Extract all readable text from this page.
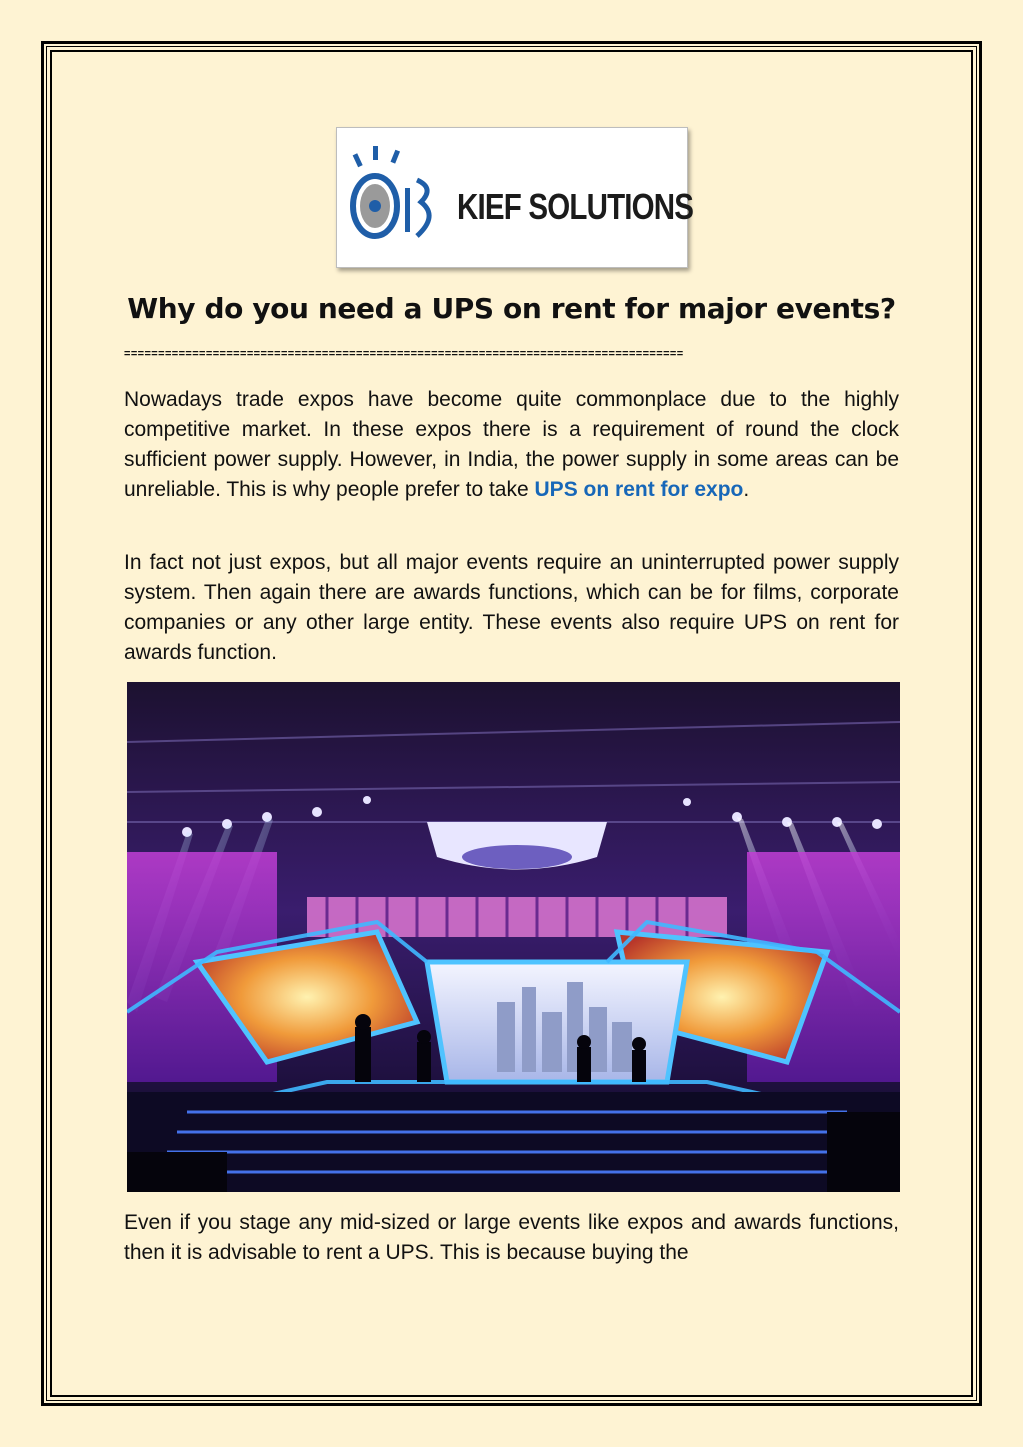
KIEF SOLUTIONS
Why do you need a UPS on rent for major events?
==================================================================================

Nowadays trade expos have become quite commonplace due to the highly competitive market. In these expos there is a requirement of round the clock sufficient power supply. However, in India, the power supply in some areas can be unreliable. This is why people prefer to take UPS on rent for expo.

In fact not just expos, but all major events require an uninterrupted power supply system. Then again there are awards functions, which can be for films, corporate companies or any other large entity. These events also require UPS on rent for awards function.

Even if you stage any mid-sized or large events like expos and awards functions, then it is advisable to rent a UPS. This is because buying the
